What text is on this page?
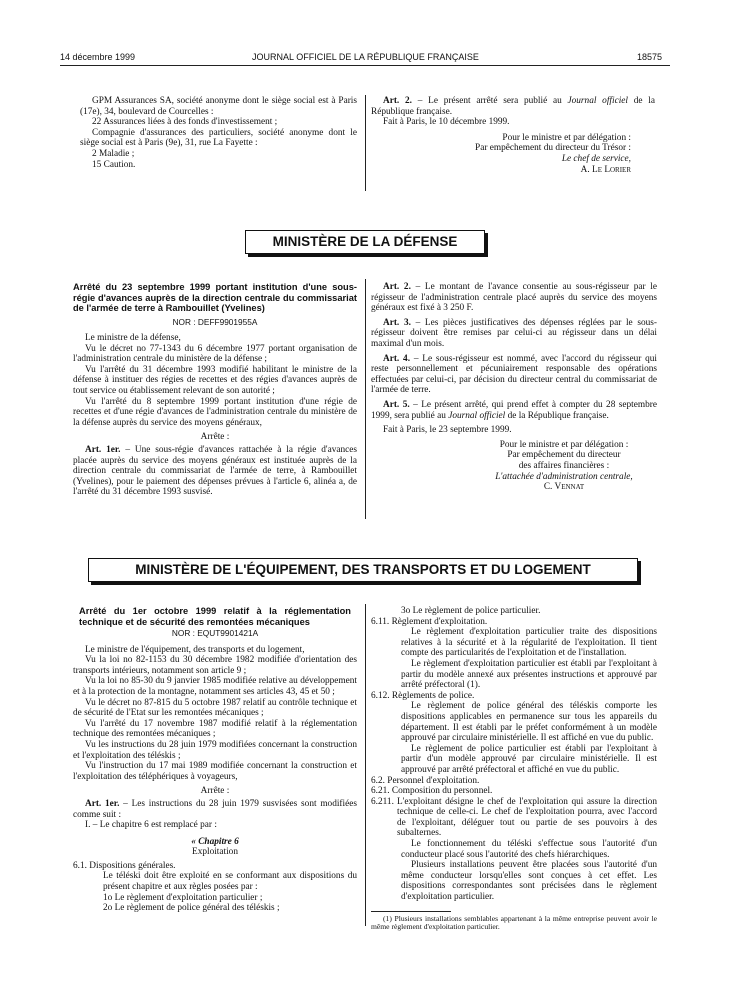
14 décembre 1999	JOURNAL OFFICIEL DE LA RÉPUBLIQUE FRANÇAISE	18575

GPM Assurances SA, société anonyme dont le siège social est à Paris (17e), 34, boulevard de Courcelles :

22 Assurances liées à des fonds d'investissement ;

Compagnie d'assurances des particuliers, société anonyme dont le siège social est à Paris (9e), 31, rue La Fayette :

2 Maladie ;

15 Caution.

Art. 2. – Le présent arrêté sera publié au Journal officiel de la République française.

Fait à Paris, le 10 décembre 1999.

Pour le ministre et par délégation :
Par empêchement du directeur du Trésor :
Le chef de service,
A. Le Lorier
MINISTÈRE DE LA DÉFENSE

Arrêté du 23 septembre 1999 portant institution d'une sous-régie d'avances auprès de la direction centrale du commissariat de l'armée de terre à Rambouillet (Yvelines)

NOR : DEFF9901955A

Le ministre de la défense,

Vu le décret no 77-1343 du 6 décembre 1977 portant organisation de l'administration centrale du ministère de la défense ;

Vu l'arrêté du 31 décembre 1993 modifié habilitant le ministre de la défense à instituer des régies de recettes et des régies d'avances auprès de tout service ou établissement relevant de son autorité ;

Vu l'arrêté du 8 septembre 1999 portant institution d'une régie de recettes et d'une régie d'avances de l'administration centrale du ministère de la défense auprès du service des moyens généraux,

Arrête :

Art. 1er. – Une sous-régie d'avances rattachée à la régie d'avances placée auprès du service des moyens généraux est instituée auprès de la direction centrale du commissariat de l'armée de terre, à Rambouillet (Yvelines), pour le paiement des dépenses prévues à l'article 6, alinéa a, de l'arrêté du 31 décembre 1993 susvisé.

Art. 2. – Le montant de l'avance consentie au sous-régisseur par le régisseur de l'administration centrale placé auprès du service des moyens généraux est fixé à 3 250 F.

Art. 3. – Les pièces justificatives des dépenses réglées par le sous-régisseur doivent être remises par celui-ci au régisseur dans un délai maximal d'un mois.

Art. 4. – Le sous-régisseur est nommé, avec l'accord du régisseur qui reste personnellement et pécuniairement responsable des opérations effectuées par celui-ci, par décision du directeur central du commissariat de l'armée de terre.

Art. 5. – Le présent arrêté, qui prend effet à compter du 28 septembre 1999, sera publié au Journal officiel de la République française.

Fait à Paris, le 23 septembre 1999.

Pour le ministre et par délégation :
Par empêchement du directeur
des affaires financières :
L'attachée d'administration centrale,
C. Vennat
MINISTÈRE DE L'ÉQUIPEMENT, DES TRANSPORTS ET DU LOGEMENT

Arrêté du 1er octobre 1999 relatif à la réglementation technique et de sécurité des remontées mécaniques

NOR : EQUT9901421A

Le ministre de l'équipement, des transports et du logement,

Vu la loi no 82-1153 du 30 décembre 1982 modifiée d'orientation des transports intérieurs, notamment son article 9 ;

Vu la loi no 85-30 du 9 janvier 1985 modifiée relative au développement et à la protection de la montagne, notamment ses articles 43, 45 et 50 ;

Vu le décret no 87-815 du 5 octobre 1987 relatif au contrôle technique et de sécurité de l'Etat sur les remontées mécaniques ;

Vu l'arrêté du 17 novembre 1987 modifié relatif à la réglementation technique des remontées mécaniques ;

Vu les instructions du 28 juin 1979 modifiées concernant la construction et l'exploitation des téléskis ;

Vu l'instruction du 17 mai 1989 modifiée concernant la construction et l'exploitation des téléphériques à voyageurs,

Arrête :

Art. 1er. – Les instructions du 28 juin 1979 susvisées sont modifiées comme suit :

I. – Le chapitre 6 est remplacé par :

« Chapitre 6

Exploitation

6.1. Dispositions générales.

Le téléski doit être exploité en se conformant aux dispositions du présent chapitre et aux règles posées par :

1o Le règlement d'exploitation particulier ;

2o Le règlement de police général des téléskis ;

3o Le règlement de police particulier.

6.11. Règlement d'exploitation.

Le règlement d'exploitation particulier traite des dispositions relatives à la sécurité et à la régularité de l'exploitation. Il tient compte des particularités de l'exploitation et de l'installation.

Le règlement d'exploitation particulier est établi par l'exploitant à partir du modèle annexé aux présentes instructions et approuvé par arrêté préfectoral (1).

6.12. Règlements de police.

Le règlement de police général des téléskis comporte les dispositions applicables en permanence sur tous les appareils du département. Il est établi par le préfet conformément à un modèle approuvé par circulaire ministérielle. Il est affiché en vue du public.

Le règlement de police particulier est établi par l'exploitant à partir d'un modèle approuvé par circulaire ministérielle. Il est approuvé par arrêté préfectoral et affiché en vue du public.

6.2. Personnel d'exploitation.

6.21. Composition du personnel.

6.211. L'exploitant désigne le chef de l'exploitation qui assure la direction technique de celle-ci. Le chef de l'exploitation pourra, avec l'accord de l'exploitant, déléguer tout ou partie de ses pouvoirs à des subalternes.

Le fonctionnement du téléski s'effectue sous l'autorité d'un conducteur placé sous l'autorité des chefs hiérarchiques.

Plusieurs installations peuvent être placées sous l'autorité d'un même conducteur lorsqu'elles sont conçues à cet effet. Les dispositions correspondantes sont précisées dans le règlement d'exploitation particulier.

(1) Plusieurs installations semblables appartenant à la même entreprise peuvent avoir le même règlement d'exploitation particulier.
